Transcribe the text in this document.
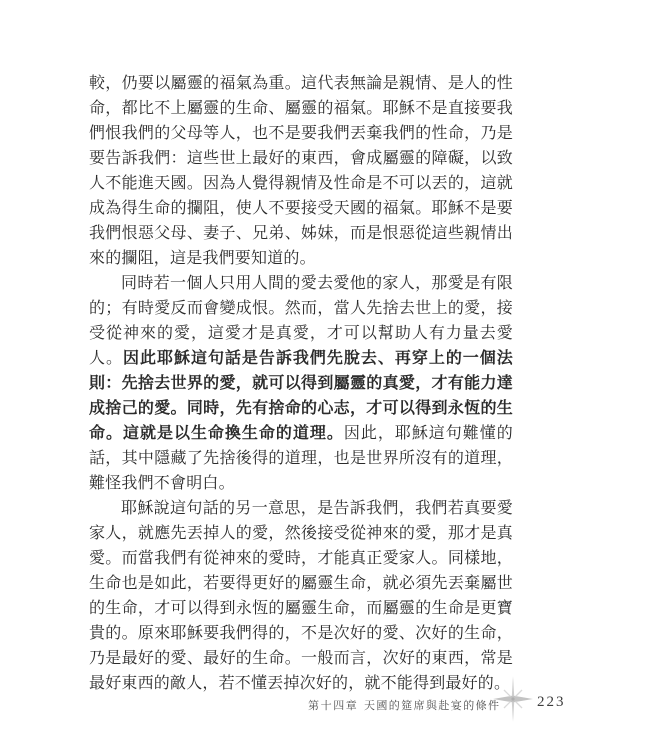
較，仍要以屬靈的福氣為重。這代表無論是親情、是人的性命，都比不上屬靈的生命、屬靈的福氣。耶穌不是直接要我們恨我們的父母等人，也不是要我們丟棄我們的性命，乃是要告訴我們：這些世上最好的東西，會成屬靈的障礙，以致人不能進天國。因為人覺得親情及性命是不可以丟的，這就成為得生命的攔阻，使人不要接受天國的福氣。耶穌不是要我們恨惡父母、妻子、兄弟、姊妹，而是恨惡從這些親情出來的攔阻，這是我們要知道的。

同時若一個人只用人間的愛去愛他的家人，那愛是有限的；有時愛反而會變成恨。然而，當人先捨去世上的愛，接受從神來的愛，這愛才是真愛，才可以幫助人有力量去愛人。因此耶穌這句話是告訴我們先脫去、再穿上的一個法則：先捨去世界的愛，就可以得到屬靈的真愛，才有能力達成捨己的愛。同時，先有捨命的心志，才可以得到永恆的生命。這就是以生命換生命的道理。因此，耶穌這句難懂的話，其中隱藏了先捨後得的道理，也是世界所沒有的道理，難怪我們不會明白。

耶穌說這句話的另一意思，是告訴我們，我們若真要愛家人，就應先丟掉人的愛，然後接受從神來的愛，那才是真愛。而當我們有從神來的愛時，才能真正愛家人。同樣地，生命也是如此，若要得更好的屬靈生命，就必須先丟棄屬世的生命，才可以得到永恆的屬靈生命，而屬靈的生命是更寶貴的。原來耶穌要我們得的，不是次好的愛、次好的生命，乃是最好的愛、最好的生命。一般而言，次好的東西，常是最好東西的敵人，若不懂丟掉次好的，就不能得到最好的。

第十四章 天國的筵席與赴宴的條件 223
